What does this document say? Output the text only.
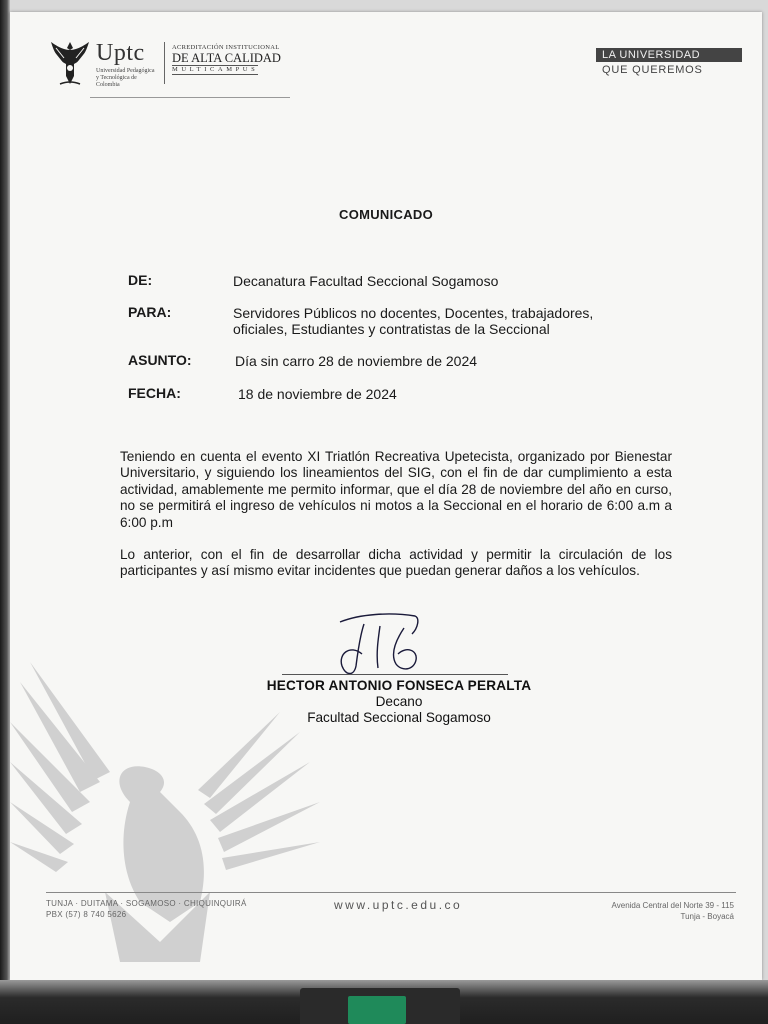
Uptc
Universidad Pedagógica y Tecnológica de Colombia
ACREDITACIÓN INSTITUCIONAL
DE ALTA CALIDAD
MULTICAMPUS
LA UNIVERSIDAD
QUE QUEREMOS
COMUNICADO
DE:	Decanatura Facultad Seccional Sogamoso
PARA:	Servidores Públicos no docentes, Docentes, trabajadores,
oficiales, Estudiantes y contratistas de la Seccional
ASUNTO:	Día sin carro 28 de noviembre de 2024
FECHA:	18 de noviembre de 2024
Teniendo en cuenta el evento XI Triatlón Recreativa Upetecista, organizado por Bienestar Universitario, y siguiendo los lineamientos del SIG, con el fin de dar cumplimiento a esta actividad, amablemente me permito informar, que el día 28 de noviembre del año en curso, no se permitirá el ingreso de vehículos ni motos a la Seccional en el horario de 6:00 a.m a 6:00 p.m
Lo anterior, con el fin de desarrollar dicha actividad y permitir la circulación de los participantes y así mismo evitar incidentes que puedan generar daños a los vehículos.
HECTOR ANTONIO FONSECA PERALTA
Decano
Facultad Seccional Sogamoso
TUNJA · DUITAMA · SOGAMOSO · CHIQUINQUIRÁ
PBX (57) 8 740 5626
www.uptc.edu.co	Avenida Central del Norte 39 - 115
Tunja - Boyacá
